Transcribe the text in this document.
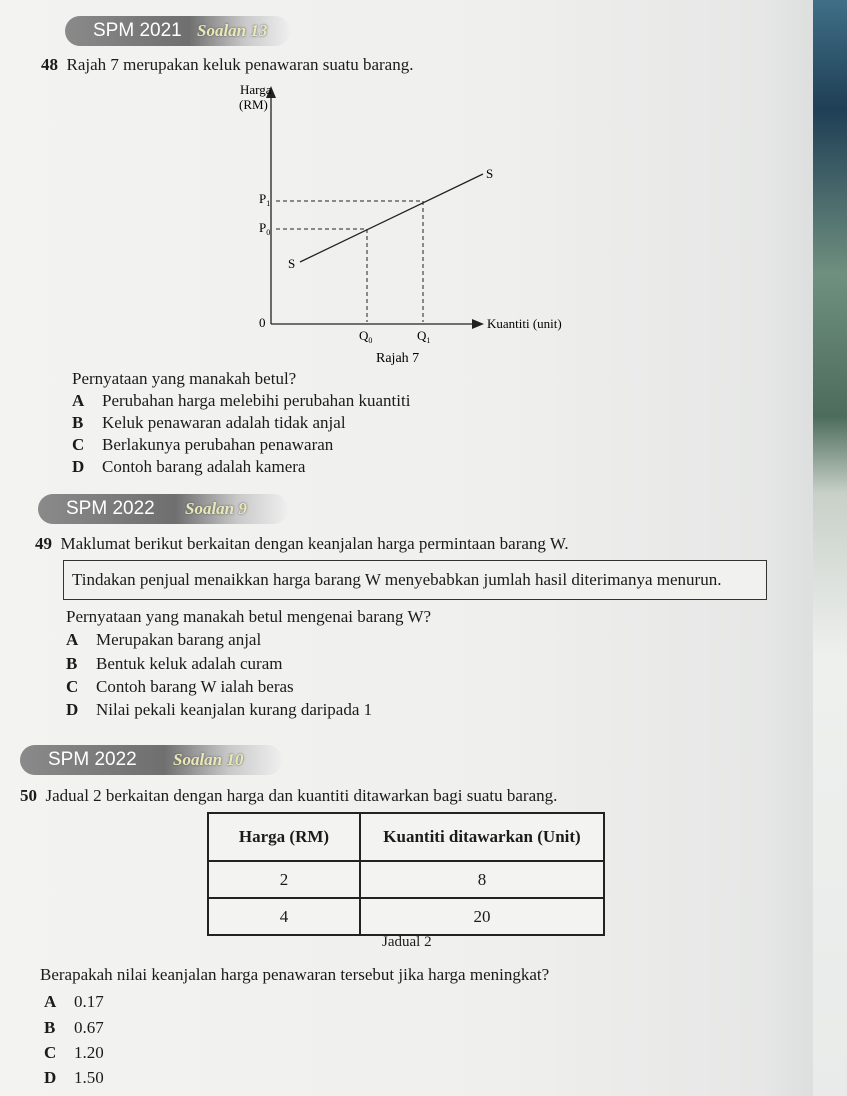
SPM 2021 Soalan 13
48 Rajah 7 merupakan keluk penawaran suatu barang.
Harga
(RM)
S
S
$P_1$
$P_0$
0
$Q_0$	$Q_1$
Kuantiti (unit)
Rajah 7
Pernyataan yang manakah betul?
A Perubahan harga melebihi perubahan kuantiti
B Keluk penawaran adalah tidak anjal
C Berlakunya perubahan penawaran
D Contoh barang adalah kamera
SPM 2022 Soalan 9
49 Maklumat berikut berkaitan dengan keanjalan harga permintaan barang W.
Tindakan penjual menaikkan harga barang W menyebabkan jumlah hasil diterimanya menurun.
Pernyataan yang manakah betul mengenai barang W?
A Merupakan barang anjal
B Bentuk keluk adalah curam
C Contoh barang W ialah beras
D Nilai pekali keanjalan kurang daripada 1
SPM 2022 Soalan 10
50 Jadual 2 berkaitan dengan harga dan kuantiti ditawarkan bagi suatu barang.
Harga (RM)	Kuantiti ditawarkan (Unit)
2	8
4	20
Jadual 2
Berapakah nilai keanjalan harga penawaran tersebut jika harga meningkat?
A 0.17
B 0.67
C 1.20
D 1.50
